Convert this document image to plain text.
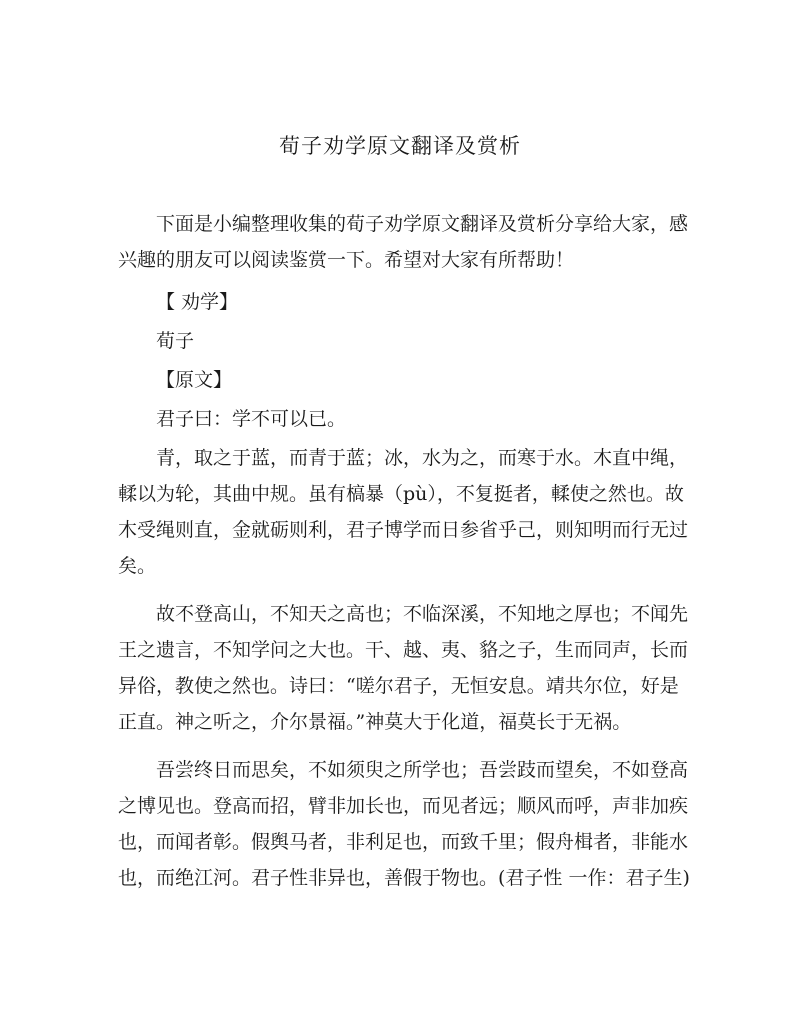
荀子劝学原文翻译及赏析
下面是小编整理收集的荀子劝学原文翻译及赏析分享给大家，感
兴趣的朋友可以阅读鉴赏一下。希望对大家有所帮助！
【 劝学】
荀子
【原文】
君子曰：学不可以已。
青，取之于蓝，而青于蓝；冰，水为之，而寒于水。木直中绳，
輮以为轮，其曲中规。虽有槁暴（pù），不复挺者，輮使之然也。故
木受绳则直，金就砺则利，君子博学而日参省乎己，则知明而行无过
矣。
故不登高山，不知天之高也；不临深溪，不知地之厚也；不闻先
王之遗言，不知学问之大也。干、越、夷、貉之子，生而同声，长而
异俗，教使之然也。诗曰：“嗟尔君子，无恒安息。靖共尔位，好是
正直。神之听之，介尔景福。”神莫大于化道，福莫长于无祸。
吾尝终日而思矣，不如须臾之所学也；吾尝跂而望矣，不如登高
之博见也。登高而招，臂非加长也，而见者远；顺风而呼，声非加疾
也，而闻者彰。假舆马者，非利足也，而致千里；假舟楫者，非能水
也，而绝江河。君子性非异也，善假于物也。(君子性 一作：君子生)
